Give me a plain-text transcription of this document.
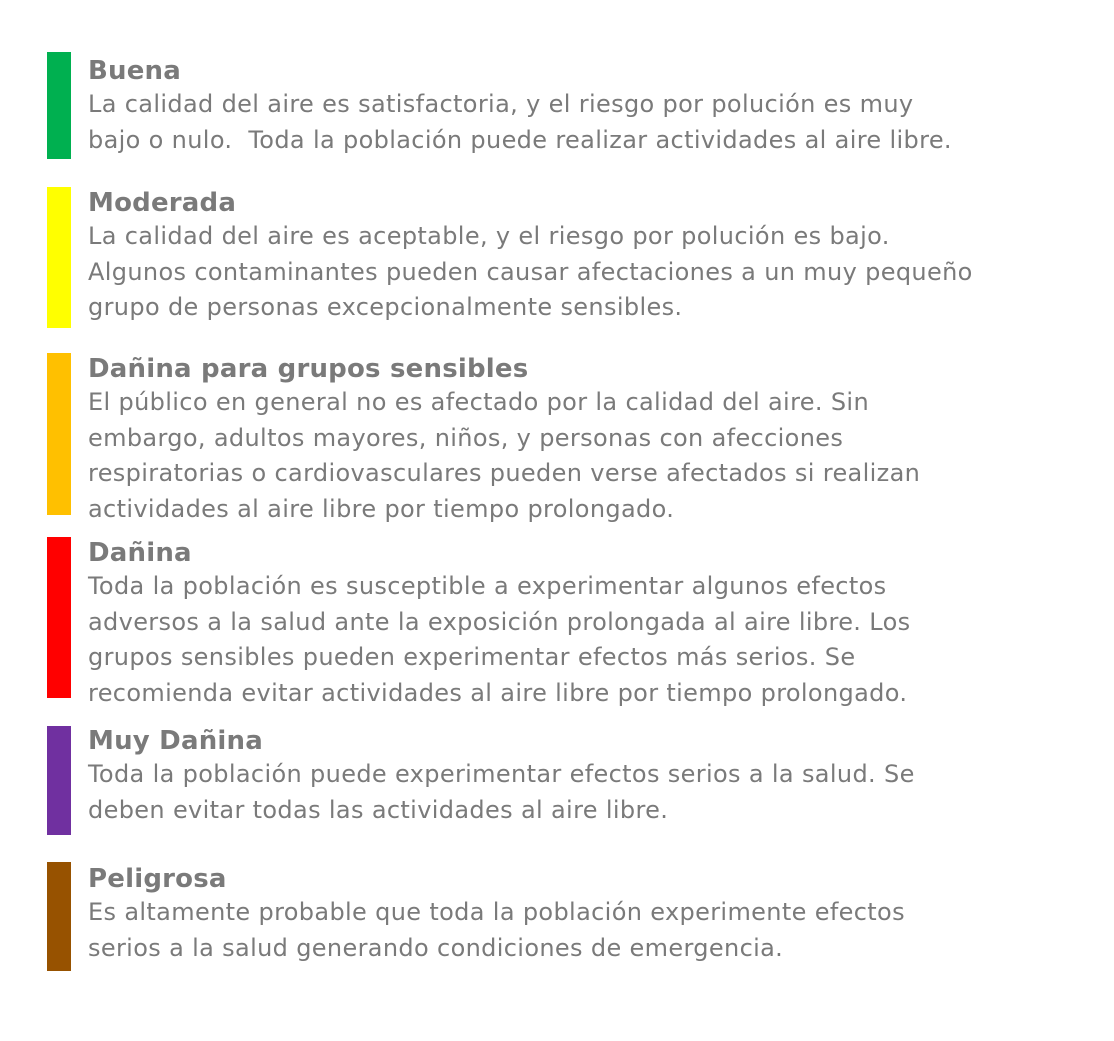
Buena
La calidad del aire es satisfactoria, y el riesgo por polución es muy
bajo o nulo.  Toda la población puede realizar actividades al aire libre.
Moderada
La calidad del aire es aceptable, y el riesgo por polución es bajo.
Algunos contaminantes pueden causar afectaciones a un muy pequeño
grupo de personas excepcionalmente sensibles.
Dañina para grupos sensibles
El público en general no es afectado por la calidad del aire. Sin
embargo, adultos mayores, niños, y personas con afecciones
respiratorias o cardiovasculares pueden verse afectados si realizan
actividades al aire libre por tiempo prolongado.
Dañina
Toda la población es susceptible a experimentar algunos efectos
adversos a la salud ante la exposición prolongada al aire libre. Los
grupos sensibles pueden experimentar efectos más serios. Se
recomienda evitar actividades al aire libre por tiempo prolongado.
Muy Dañina
Toda la población puede experimentar efectos serios a la salud. Se
deben evitar todas las actividades al aire libre.
Peligrosa
Es altamente probable que toda la población experimente efectos
serios a la salud generando condiciones de emergencia.
